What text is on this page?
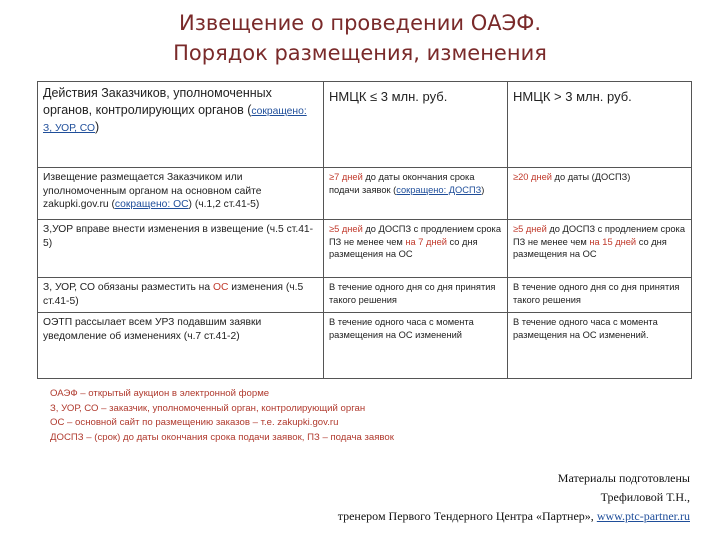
Извещение о проведении ОАЭФ.
Порядок размещения, изменения
Действия Заказчиков, уполномоченных органов, контролирующих органов (сокращено: З, УОР, СО)	НМЦК ≤ 3 млн. руб.	НМЦК > 3 млн. руб.
Извещение размещается Заказчиком или уполномоченным органом на основном сайте zakupki.gov.ru (сокращено: ОС) (ч.1,2 ст.41-5)	≥7 дней до даты окончания срока подачи заявок (сокращено: ДОСПЗ)	≥20 дней до даты (ДОСПЗ)
З,УОР вправе внести изменения в извещение (ч.5 ст.41-5)	≥5 дней до ДОСПЗ с продлением срока ПЗ не менее чем на 7 дней со дня размещения на ОС	≥5 дней до ДОСПЗ с продлением срока ПЗ не менее чем на 15 дней со дня размещения на ОС
З, УОР, СО обязаны разместить на ОС изменения (ч.5 ст.41-5)	В течение одного дня со дня принятия такого решения	В течение одного дня со дня принятия такого решения
ОЭТП рассылает всем УРЗ подавшим заявки уведомление об изменениях (ч.7 ст.41-2)	В течение одного часа с момента размещения на ОС изменений	В течение одного часа с момента размещения на ОС изменений.
ОАЭФ – открытый аукцион в электронной форме
З, УОР, СО – заказчик, уполномоченный орган, контролирующий орган
ОС – основной сайт по размещению заказов – т.е. zakupki.gov.ru
ДОСПЗ – (срок) до даты окончания срока подачи заявок, ПЗ – подача заявок
Материалы подготовлены
Трефиловой Т.Н.,
тренером Первого Тендерного Центра «Партнер», www.ptc-partner.ru
